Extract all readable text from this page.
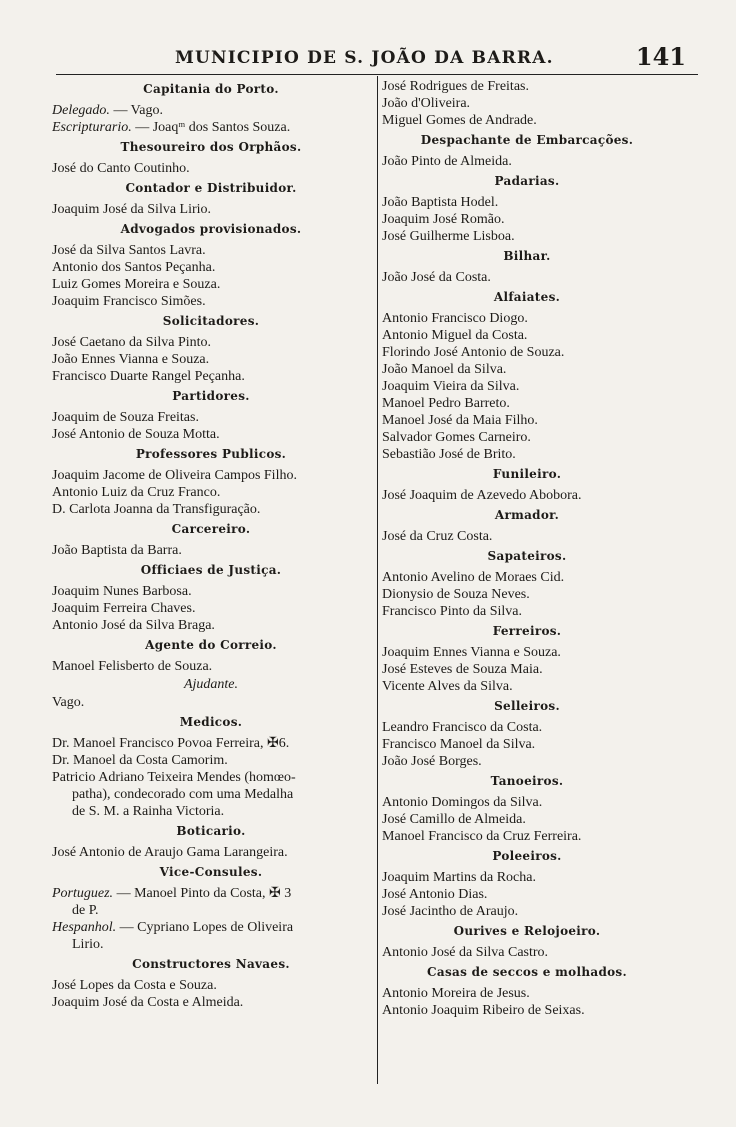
MUNICIPIO DE S. JOÃO DA BARRA.	141
Capitania do Porto.
Delegado. — Vago.
Escripturario. — Joaqᵐ dos Santos Souza.
Thesoureiro dos Orphãos.
José do Canto Coutinho.
Contador e Distribuidor.
Joaquim José da Silva Lirio.
Advogados provisionados.
José da Silva Santos Lavra.
Antonio dos Santos Peçanha.
Luiz Gomes Moreira e Souza.
Joaquim Francisco Simões.
Solicitadores.
José Caetano da Silva Pinto.
João Ennes Vianna e Souza.
Francisco Duarte Rangel Peçanha.
Partidores.
Joaquim de Souza Freitas.
José Antonio de Souza Motta.
Professores Publicos.
Joaquim Jacome de Oliveira Campos Filho.
Antonio Luiz da Cruz Franco.
D. Carlota Joanna da Transfiguração.
Carcereiro.
João Baptista da Barra.
Officiaes de Justiça.
Joaquim Nunes Barbosa.
Joaquim Ferreira Chaves.
Antonio José da Silva Braga.
Agente do Correio.
Manoel Felisberto de Souza.
Ajudante.
Vago.
Medicos.
Dr. Manoel Francisco Povoa Ferreira, ✠6.
Dr. Manoel da Costa Camorim.
Patricio Adriano Teixeira Mendes (homœo-
patha), condecorado com uma Medalha
de S. M. a Rainha Victoria.
Boticario.
José Antonio de Araujo Gama Larangeira.
Vice-Consules.
Portuguez. — Manoel Pinto da Costa, ✠ 3
de P.
Hespanhol. — Cypriano Lopes de Oliveira
Lirio.
Constructores Navaes.
José Lopes da Costa e Souza.
Joaquim José da Costa e Almeida.
José Rodrigues de Freitas.
João d'Oliveira.
Miguel Gomes de Andrade.
Despachante de Embarcações.
João Pinto de Almeida.
Padarias.
João Baptista Hodel.
Joaquim José Romão.
José Guilherme Lisboa.
Bilhar.
João José da Costa.
Alfaiates.
Antonio Francisco Diogo.
Antonio Miguel da Costa.
Florindo José Antonio de Souza.
João Manoel da Silva.
Joaquim Vieira da Silva.
Manoel Pedro Barreto.
Manoel José da Maia Filho.
Salvador Gomes Carneiro.
Sebastião José de Brito.
Funileiro.
José Joaquim de Azevedo Abobora.
Armador.
José da Cruz Costa.
Sapateiros.
Antonio Avelino de Moraes Cid.
Dionysio de Souza Neves.
Francisco Pinto da Silva.
Ferreiros.
Joaquim Ennes Vianna e Souza.
José Esteves de Souza Maia.
Vicente Alves da Silva.
Selleiros.
Leandro Francisco da Costa.
Francisco Manoel da Silva.
João José Borges.
Tanoeiros.
Antonio Domingos da Silva.
José Camillo de Almeida.
Manoel Francisco da Cruz Ferreira.
Poleeiros.
Joaquim Martins da Rocha.
José Antonio Dias.
José Jacintho de Araujo.
Ourives e Relojoeiro.
Antonio José da Silva Castro.
Casas de seccos e molhados.
Antonio Moreira de Jesus.
Antonio Joaquim Ribeiro de Seixas.
